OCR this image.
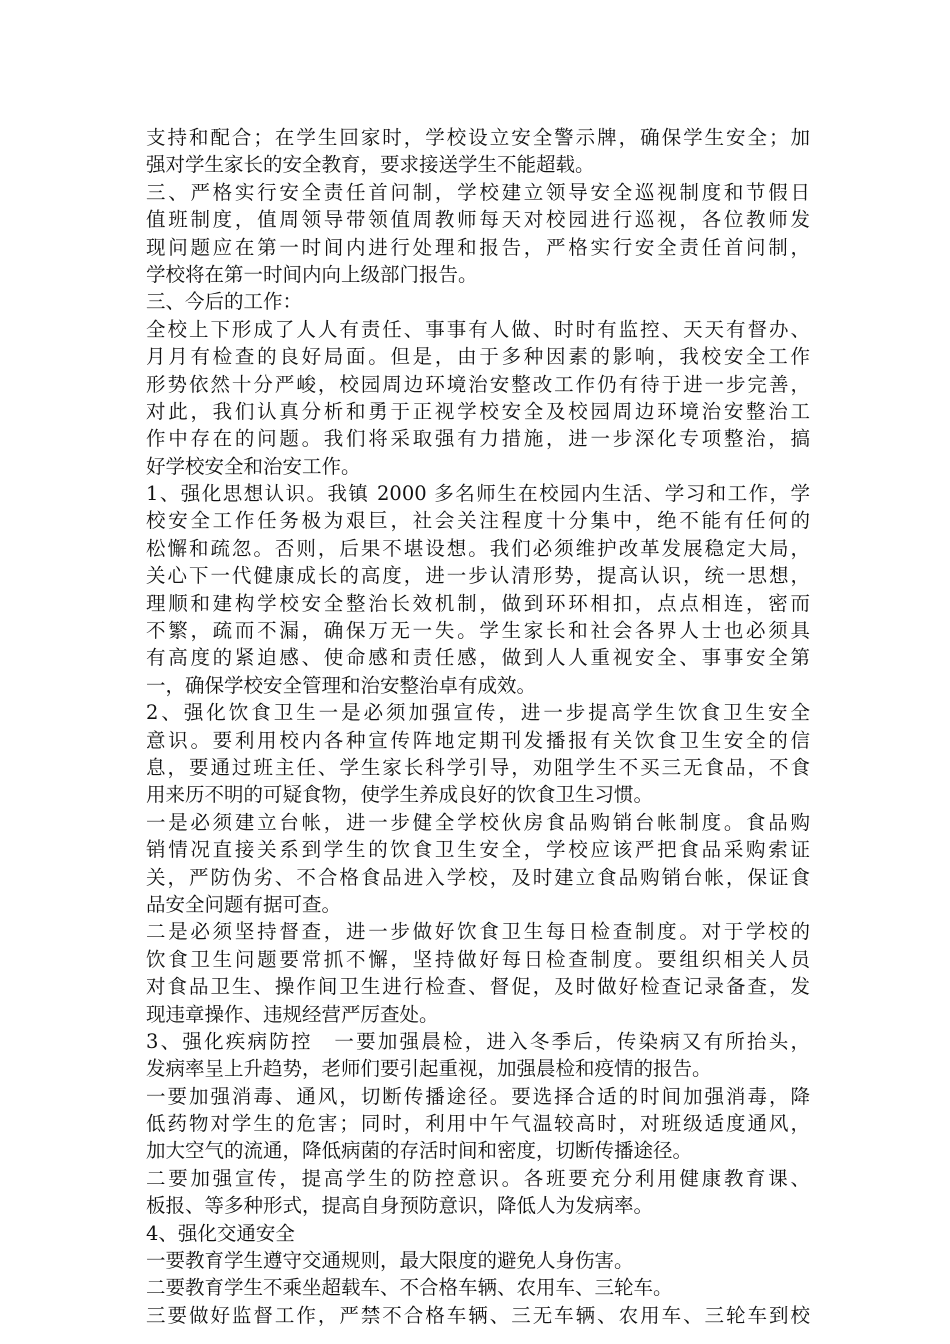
支持和配合；在学生回家时，学校设立安全警示牌，确保学生安全；加

强对学生家长的安全教育，要求接送学生不能超载。

三、严格实行安全责任首问制，学校建立领导安全巡视制度和节假日

值班制度，值周领导带领值周教师每天对校园进行巡视，各位教师发

现问题应在第一时间内进行处理和报告，严格实行安全责任首问制，

学校将在第一时间内向上级部门报告。

三、今后的工作：

全校上下形成了人人有责任、事事有人做、时时有监控、天天有督办、

月月有检查的良好局面。但是，由于多种因素的影响，我校安全工作

形势依然十分严峻，校园周边环境治安整改工作仍有待于进一步完善，

对此，我们认真分析和勇于正视学校安全及校园周边环境治安整治工

作中存在的问题。我们将采取强有力措施，进一步深化专项整治，搞

好学校安全和治安工作。

1、强化思想认识。我镇 2000 多名师生在校园内生活、学习和工作，学

校安全工作任务极为艰巨，社会关注程度十分集中，绝不能有任何的

松懈和疏忽。否则，后果不堪设想。我们必须维护改革发展稳定大局，

关心下一代健康成长的高度，进一步认清形势，提高认识，统一思想，

理顺和建构学校安全整治长效机制，做到环环相扣，点点相连，密而

不繁，疏而不漏，确保万无一失。学生家长和社会各界人士也必须具

有高度的紧迫感、使命感和责任感，做到人人重视安全、事事安全第

一，确保学校安全管理和治安整治卓有成效。

2、强化饮食卫生一是必须加强宣传，进一步提高学生饮食卫生安全

意识。要利用校内各种宣传阵地定期刊发播报有关饮食卫生安全的信

息，要通过班主任、学生家长科学引导，劝阻学生不买三无食品，不食

用来历不明的可疑食物，使学生养成良好的饮食卫生习惯。

一是必须建立台帐，进一步健全学校伙房食品购销台帐制度。食品购

销情况直接关系到学生的饮食卫生安全，学校应该严把食品采购索证

关，严防伪劣、不合格食品进入学校，及时建立食品购销台帐，保证食

品安全问题有据可查。

二是必须坚持督查，进一步做好饮食卫生每日检查制度。对于学校的

饮食卫生问题要常抓不懈，坚持做好每日检查制度。要组织相关人员

对食品卫生、操作间卫生进行检查、督促，及时做好检查记录备查，发

现违章操作、违规经营严厉查处。

3、强化疾病防控　一要加强晨检，进入冬季后，传染病又有所抬头，

发病率呈上升趋势，老师们要引起重视，加强晨检和疫情的报告。

一要加强消毒、通风，切断传播途径。要选择合适的时间加强消毒，降

低药物对学生的危害；同时，利用中午气温较高时，对班级适度通风，

加大空气的流通，降低病菌的存活时间和密度，切断传播途径。

二要加强宣传，提高学生的防控意识。各班要充分利用健康教育课、

板报、等多种形式，提高自身预防意识，降低人为发病率。

4、强化交通安全

一要教育学生遵守交通规则，最大限度的避免人身伤害。

二要教育学生不乘坐超载车、不合格车辆、农用车、三轮车。

三要做好监督工作，严禁不合格车辆、三无车辆、农用车、三轮车到校
